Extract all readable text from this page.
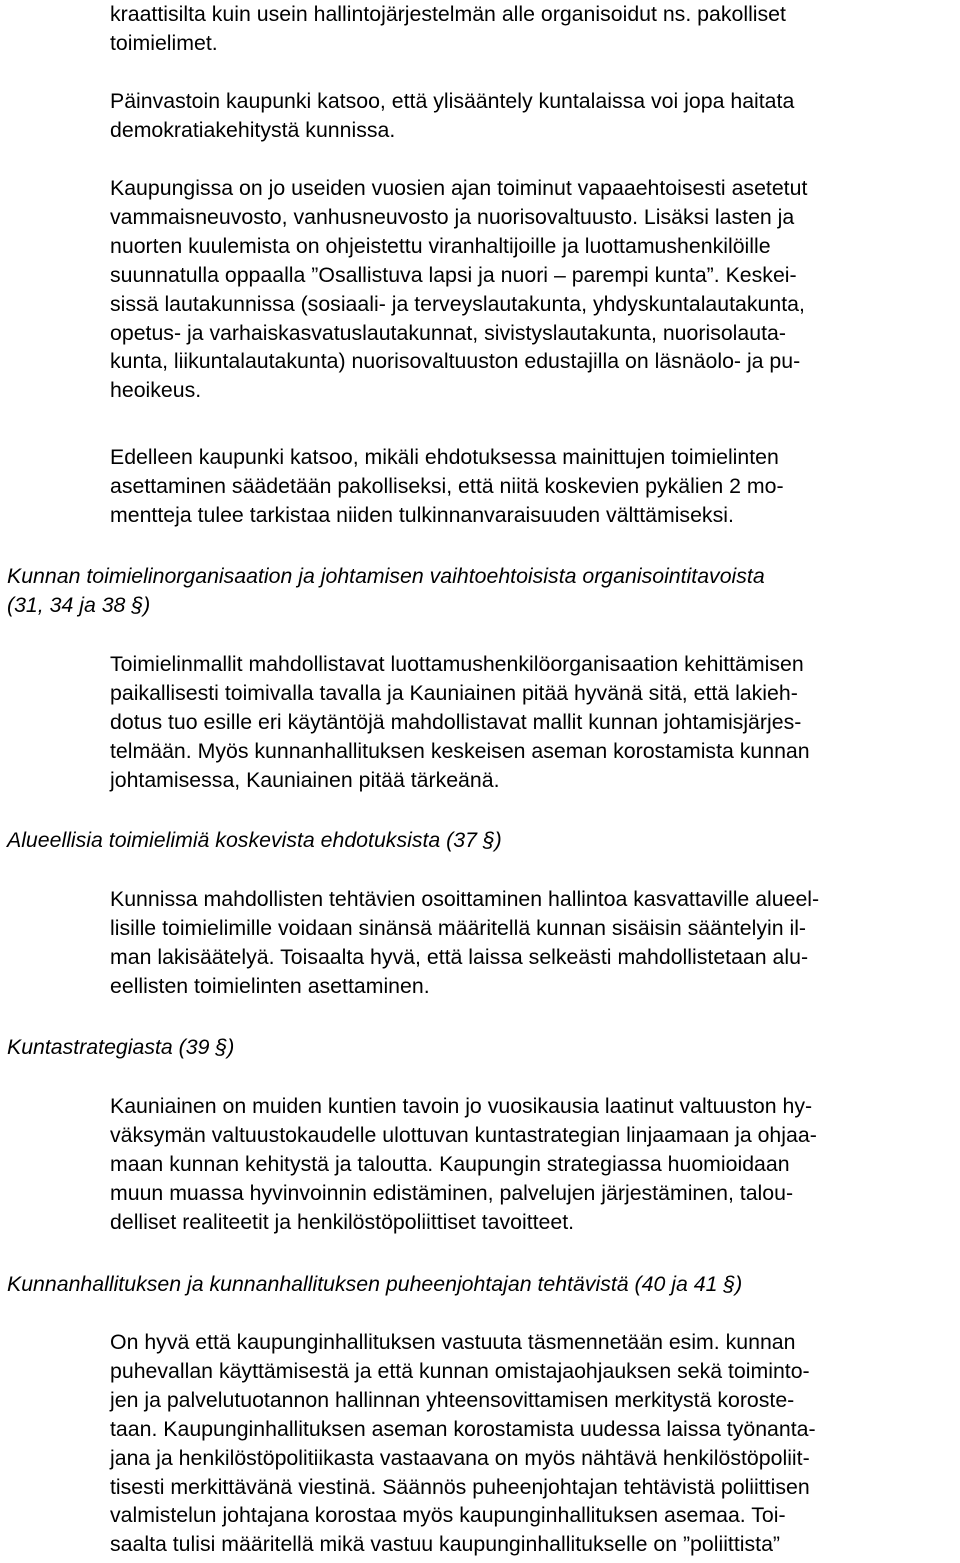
kraattisilta kuin usein hallintojärjestelmän alle organisoidut ns. pakolliset
toimielimet.
Päinvastoin kaupunki katsoo, että ylisääntely kuntalaissa voi jopa haitata
demokratiakehitystä kunnissa.
Kaupungissa on jo useiden vuosien ajan toiminut vapaaehtoisesti asetetut
vammaisneuvosto, vanhusneuvosto ja nuorisovaltuusto. Lisäksi lasten ja
nuorten kuulemista on ohjeistettu viranhaltijoille ja luottamushenkilöille
suunnatulla oppaalla ”Osallistuva lapsi ja nuori – parempi kunta”. Keskei-
sissä lautakunnissa (sosiaali- ja terveyslautakunta, yhdyskuntalautakunta,
opetus- ja varhaiskasvatuslautakunnat, sivistyslautakunta, nuorisolauta-
kunta, liikuntalautakunta) nuorisovaltuuston edustajilla on läsnäolo- ja pu-
heoikeus.
Edelleen kaupunki katsoo, mikäli ehdotuksessa mainittujen toimielinten
asettaminen säädetään pakolliseksi, että niitä koskevien pykälien 2 mo-
mentteja tulee tarkistaa niiden tulkinnanvaraisuuden välttämiseksi.
Kunnan toimielinorganisaation ja johtamisen vaihtoehtoisista organisointitavoista
(31, 34 ja 38 §)
Toimielinmallit mahdollistavat luottamushenkilöorganisaation kehittämisen
paikallisesti toimivalla tavalla ja Kauniainen pitää hyvänä sitä, että lakieh-
dotus tuo esille eri käytäntöjä mahdollistavat mallit kunnan johtamisjärjes-
telmään. Myös kunnanhallituksen keskeisen aseman korostamista kunnan
johtamisessa, Kauniainen pitää tärkeänä.
Alueellisia toimielimiä koskevista ehdotuksista (37 §)
Kunnissa mahdollisten tehtävien osoittaminen hallintoa kasvattaville alueel-
lisille toimielimille voidaan sinänsä määritellä kunnan sisäisin sääntelyin il-
man lakisäätelyä. Toisaalta hyvä, että laissa selkeästi mahdollistetaan alu-
eellisten toimielinten asettaminen.
Kuntastrategiasta (39 §)
Kauniainen on muiden kuntien tavoin jo vuosikausia laatinut valtuuston hy-
väksymän valtuustokaudelle ulottuvan kuntastrategian linjaamaan ja ohjaa-
maan kunnan kehitystä ja taloutta. Kaupungin strategiassa huomioidaan
muun muassa hyvinvoinnin edistäminen, palvelujen järjestäminen, talou-
delliset realiteetit ja henkilöstöpoliittiset tavoitteet.
Kunnanhallituksen ja kunnanhallituksen puheenjohtajan tehtävistä (40 ja 41 §)
On hyvä että kaupunginhallituksen vastuuta täsmennetään esim. kunnan
puhevallan käyttämisestä ja että kunnan omistajaohjauksen sekä toiminto-
jen ja palvelutuotannon hallinnan yhteensovittamisen merkitystä koroste-
taan. Kaupunginhallituksen aseman korostamista uudessa laissa työnanta-
jana ja henkilöstöpolitiikasta vastaavana on myös nähtävä henkilöstöpoliit-
tisesti merkittävänä viestinä. Säännös puheenjohtajan tehtävistä poliittisen
valmistelun johtajana korostaa myös kaupunginhallituksen asemaa. Toi-
saalta tulisi määritellä mikä vastuu kaupunginhallitukselle on ”poliittista”
